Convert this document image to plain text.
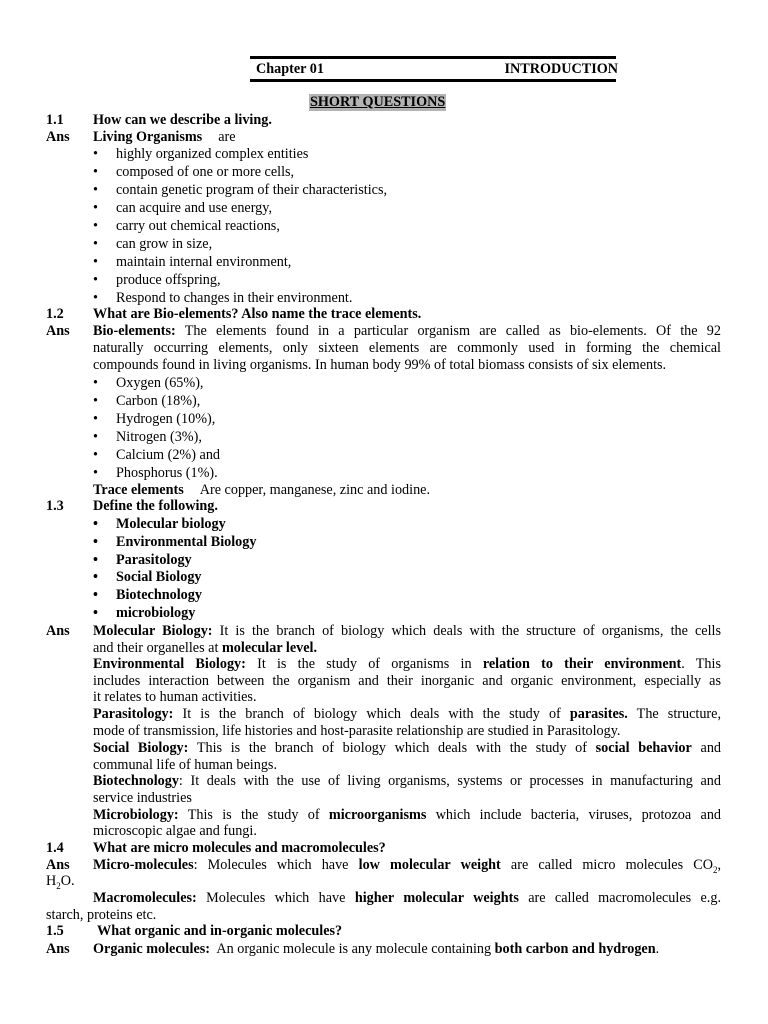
Chapter 01	INTRODUCTION
SHORT QUESTIONS
1.1 How can we describe a living.
Ans Living Organisms are
• highly organized complex entities
• composed of one or more cells,
• contain genetic program of their characteristics,
• can acquire and use energy,
• carry out chemical reactions,
• can grow in size,
• maintain internal environment,
• produce offspring,
• Respond to changes in their environment.
1.2 What are Bio-elements? Also name the trace elements.
Ans Bio-elements: The elements found in a particular organism are called as bio-elements. Of the 92
naturally occurring elements, only sixteen elements are commonly used in forming the chemical
compounds found in living organisms. In human body 99% of total biomass consists of six elements.
• Oxygen (65%),
• Carbon (18%),
• Hydrogen (10%),
• Nitrogen (3%),
• Calcium (2%) and
• Phosphorus (1%).
Trace elements Are copper, manganese, zinc and iodine.
1.3 Define the following.
• Molecular biology
• Environmental Biology
• Parasitology
• Social Biology
• Biotechnology
• microbiology
Ans Molecular Biology: It is the branch of biology which deals with the structure of organisms, the cells
and their organelles at molecular level.
Environmental Biology: It is the study of organisms in relation to their environment. This
includes interaction between the organism and their inorganic and organic environment, especially as
it relates to human activities.
Parasitology: It is the branch of biology which deals with the study of parasites. The structure,
mode of transmission, life histories and host-parasite relationship are studied in Parasitology.
Social Biology: This is the branch of biology which deals with the study of social behavior and
communal life of human beings.
Biotechnology: It deals with the use of living organisms, systems or processes in manufacturing and
service industries
Microbiology: This is the study of microorganisms which include bacteria, viruses, protozoa and
microscopic algae and fungi.
1.4 What are micro molecules and macromolecules?
Ans Micro-molecules: Molecules which have low molecular weight are called micro molecules $CO_2$,
$H_2O$.
Macromolecules: Molecules which have higher molecular weights are called macromolecules e.g.
starch, proteins etc.
1.5 What organic and in-organic molecules?
Ans Organic molecules: An organic molecule is any molecule containing both carbon and hydrogen.
